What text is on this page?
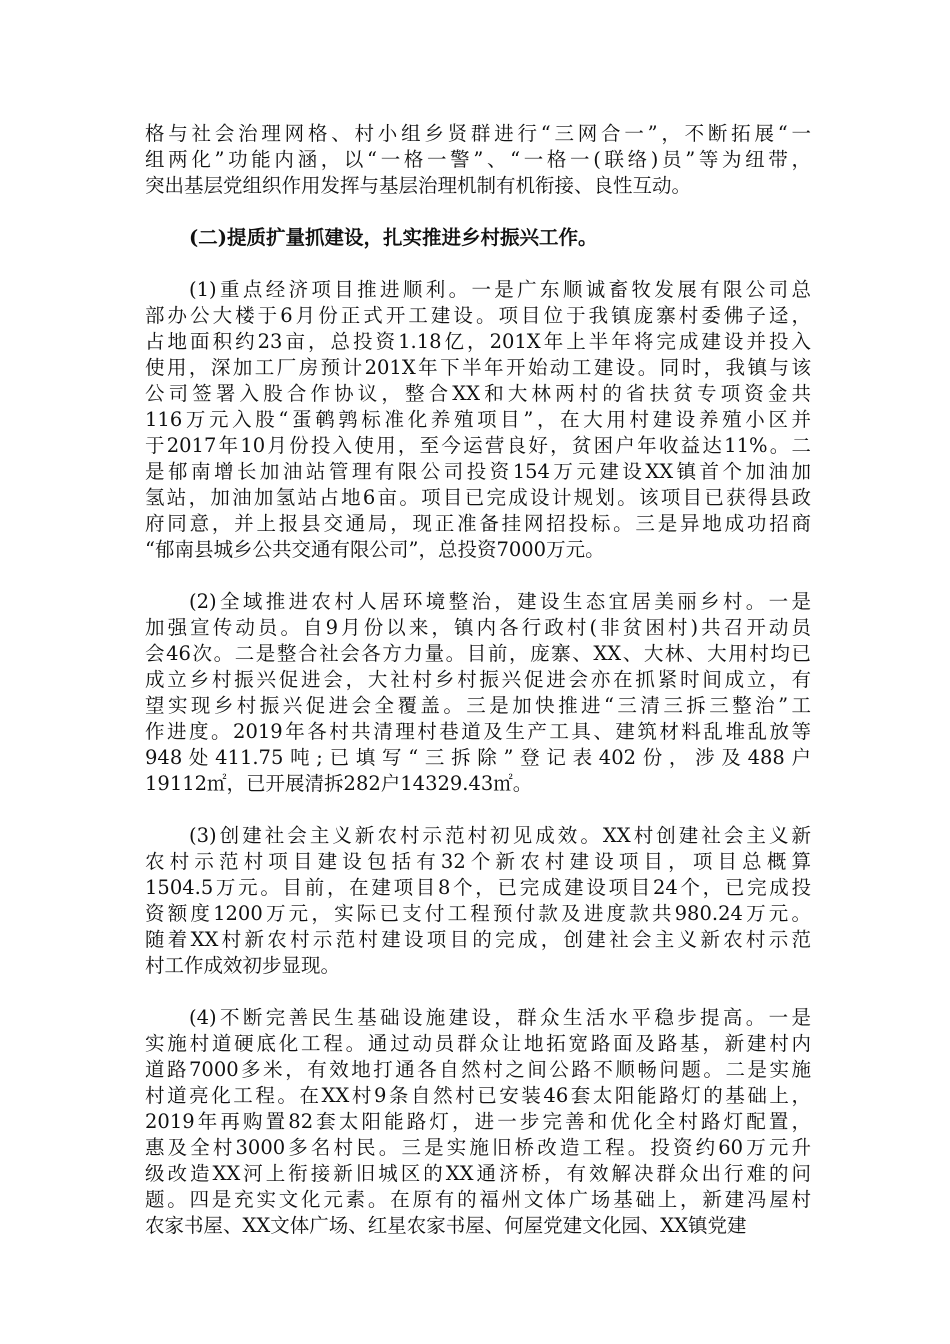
格与社会治理网格、村小组乡贤群进行“三网合一”，不断拓展“一
组两化”功能内涵，以“一格一警”、“一格一(联络)员”等为纽带，
突出基层党组织作用发挥与基层治理机制有机衔接、良性互动。
(二)提质扩量抓建设，扎实推进乡村振兴工作。
(1)重点经济项目推进顺利。一是广东顺诚畜牧发展有限公司总
部办公大楼于6月份正式开工建设。项目位于我镇庞寨村委佛子迳，
占地面积约23亩，总投资1.18亿，201X年上半年将完成建设并投入
使用，深加工厂房预计201X年下半年开始动工建设。同时，我镇与该
公司签署入股合作协议，整合XX和大林两村的省扶贫专项资金共
116万元入股“蛋鹌鹑标准化养殖项目”，在大用村建设养殖小区并
于2017年10月份投入使用，至今运营良好，贫困户年收益达11%。二
是郁南增长加油站管理有限公司投资154万元建设XX镇首个加油加
氢站，加油加氢站占地6亩。项目已完成设计规划。该项目已获得县政
府同意，并上报县交通局，现正准备挂网招投标。三是异地成功招商
“郁南县城乡公共交通有限公司”，总投资7000万元。
(2)全域推进农村人居环境整治，建设生态宜居美丽乡村。一是
加强宣传动员。自9月份以来，镇内各行政村(非贫困村)共召开动员
会46次。二是整合社会各方力量。目前，庞寨、XX、大林、大用村均已
成立乡村振兴促进会，大社村乡村振兴促进会亦在抓紧时间成立，有
望实现乡村振兴促进会全覆盖。三是加快推进“三清三拆三整治”工
作进度。2019年各村共清理村巷道及生产工具、建筑材料乱堆乱放等
948处411.75吨;已填写“三拆除”登记表402份，涉及488户
19112㎡，已开展清拆282户14329.43㎡。
(3)创建社会主义新农村示范村初见成效。XX村创建社会主义新
农村示范村项目建设包括有32个新农村建设项目，项目总概算
1504.5万元。目前，在建项目8个，已完成建设项目24个，已完成投
资额度1200万元，实际已支付工程预付款及进度款共980.24万元。
随着XX村新农村示范村建设项目的完成，创建社会主义新农村示范
村工作成效初步显现。
(4)不断完善民生基础设施建设，群众生活水平稳步提高。一是
实施村道硬底化工程。通过动员群众让地拓宽路面及路基，新建村内
道路7000多米，有效地打通各自然村之间公路不顺畅问题。二是实施
村道亮化工程。在XX村9条自然村已安装46套太阳能路灯的基础上，
2019年再购置82套太阳能路灯，进一步完善和优化全村路灯配置，
惠及全村3000多名村民。三是实施旧桥改造工程。投资约60万元升
级改造XX河上衔接新旧城区的XX通济桥，有效解决群众出行难的问
题。四是充实文化元素。在原有的福州文体广场基础上，新建冯屋村
农家书屋、XX文体广场、红星农家书屋、何屋党建文化园、XX镇党建
